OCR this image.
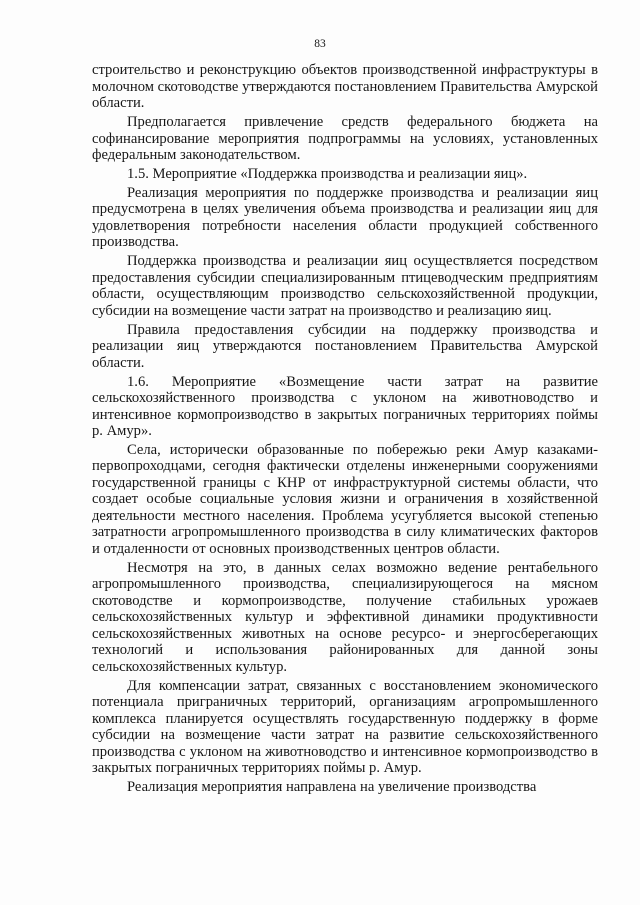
83

строительство и реконструкцию объектов производственной инфраструктуры в молочном скотоводстве утверждаются постановлением Правительства Амурской области.

Предполагается привлечение средств федерального бюджета на софинансирование мероприятия подпрограммы на условиях, установленных федеральным законодательством.

1.5. Мероприятие «Поддержка производства и реализации яиц».

Реализация мероприятия по поддержке производства и реализации яиц предусмотрена в целях увеличения объема производства и реализации яиц для удовлетворения потребности населения области продукцией собственного производства.

Поддержка производства и реализации яиц осуществляется посредством предоставления субсидии специализированным птицеводческим предприятиям области, осуществляющим производство сельскохозяйственной продукции, субсидии на возмещение части затрат на производство и реализацию яиц.

Правила предоставления субсидии на поддержку производства и реализации яиц утверждаются постановлением Правительства Амурской области.

1.6. Мероприятие «Возмещение части затрат на развитие сельскохозяйственного производства с уклоном на животноводство и интенсивное кормопроизводство в закрытых пограничных территориях поймы р. Амур».

Села, исторически образованные по побережью реки Амур казаками-первопроходцами, сегодня фактически отделены инженерными сооружениями государственной границы с КНР от инфраструктурной системы области, что создает особые социальные условия жизни и ограничения в хозяйственной деятельности местного населения. Проблема усугубляется высокой степенью затратности агропромышленного производства в силу климатических факторов и отдаленности от основных производственных центров области.

Несмотря на это, в данных селах возможно ведение рентабельного агропромышленного производства, специализирующегося на мясном скотоводстве и кормопроизводстве, получение стабильных урожаев сельскохозяйственных культур и эффективной динамики продуктивности сельскохозяйственных животных на основе ресурсо- и энергосберегающих технологий и использования районированных для данной зоны сельскохозяйственных культур.

Для компенсации затрат, связанных с восстановлением экономического потенциала приграничных территорий, организациям агропромышленного комплекса планируется осуществлять государственную поддержку в форме субсидии на возмещение части затрат на развитие сельскохозяйственного производства с уклоном на животноводство и интенсивное кормопроизводство в закрытых пограничных территориях поймы р. Амур.

Реализация мероприятия направлена на увеличение производства
